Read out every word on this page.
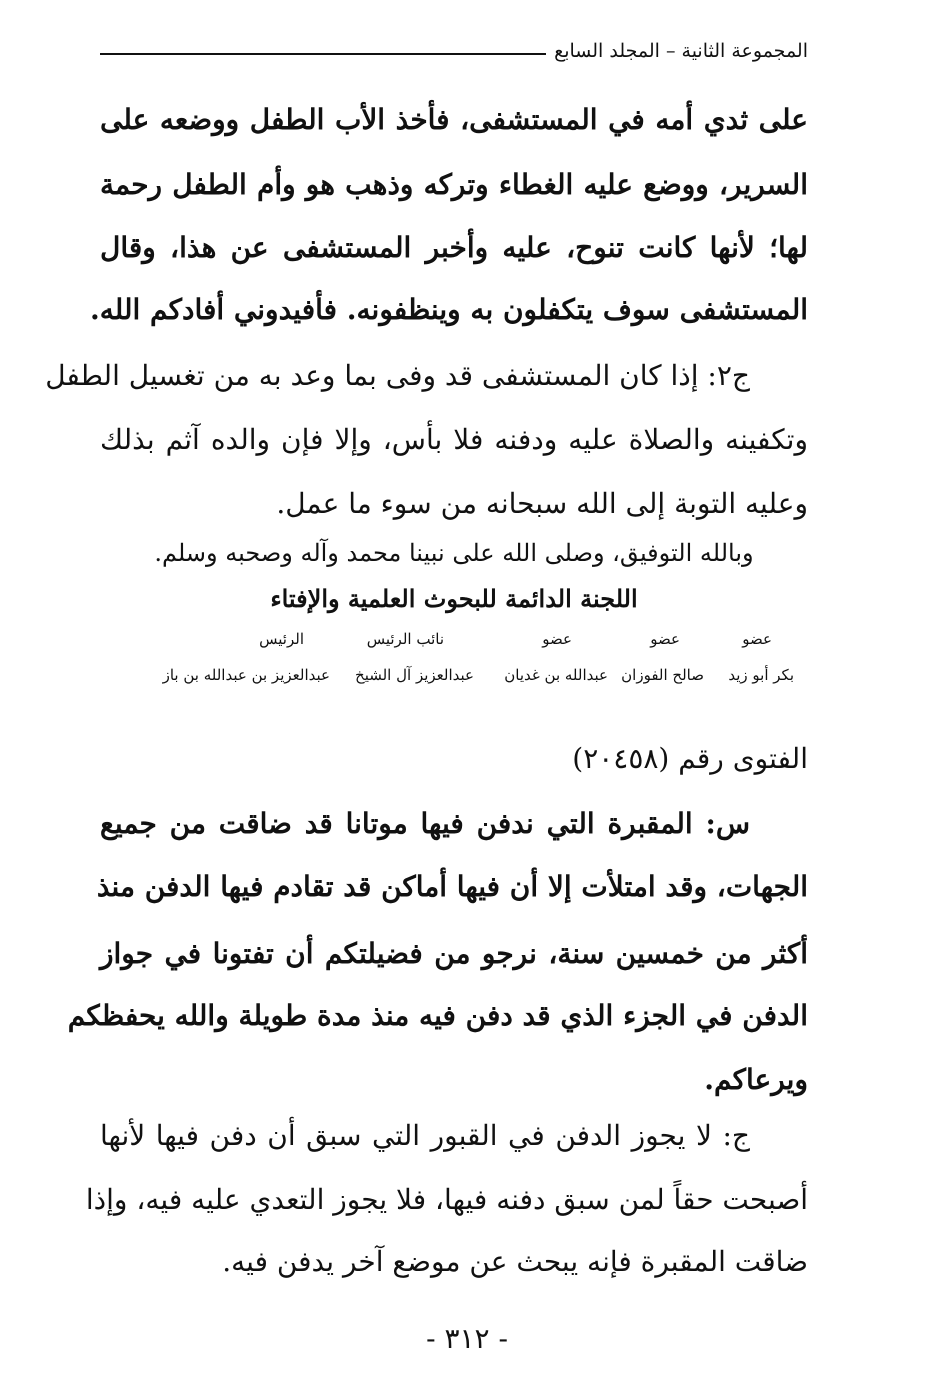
المجموعة الثانية – المجلد السابع
على ثدي أمه في المستشفى، فأخذ الأب الطفل ووضعه على
السرير، ووضع عليه الغطاء وتركه وذهب هو وأم الطفل رحمة
لها؛ لأنها كانت تنوح، عليه وأخبر المستشفى عن هذا، وقال
المستشفى سوف يتكفلون به وينظفونه. فأفيدوني أفادكم الله.
ج٢: إذا كان المستشفى قد وفى بما وعد به من تغسيل الطفل
وتكفينه والصلاة عليه ودفنه فلا بأس، وإلا فإن والده آثم بذلك
وعليه التوبة إلى الله سبحانه من سوء ما عمل.
وبالله التوفيق، وصلى الله على نبينا محمد وآله وصحبه وسلم.
اللجنة الدائمة للبحوث العلمية والإفتاء
عضو
عضو
عضو
نائب الرئيس
الرئيس
بكر أبو زيد
صالح الفوزان
عبدالله بن غديان
عبدالعزيز آل الشيخ
عبدالعزيز بن عبدالله بن باز
الفتوى رقم (٢٠٤٥٨)
س: المقبرة التي ندفن فيها موتانا قد ضاقت من جميع
الجهات، وقد امتلأت إلا أن فيها أماكن قد تقادم فيها الدفن منذ
أكثر من خمسين سنة، نرجو من فضيلتكم أن تفتونا في جواز
الدفن في الجزء الذي قد دفن فيه منذ مدة طويلة والله يحفظكم
ويرعاكم.
ج: لا يجوز الدفن في القبور التي سبق أن دفن فيها لأنها
أصبحت حقاً لمن سبق دفنه فيها، فلا يجوز التعدي عليه فيه، وإذا
ضاقت المقبرة فإنه يبحث عن موضع آخر يدفن فيه.
- ٣١٢ -
